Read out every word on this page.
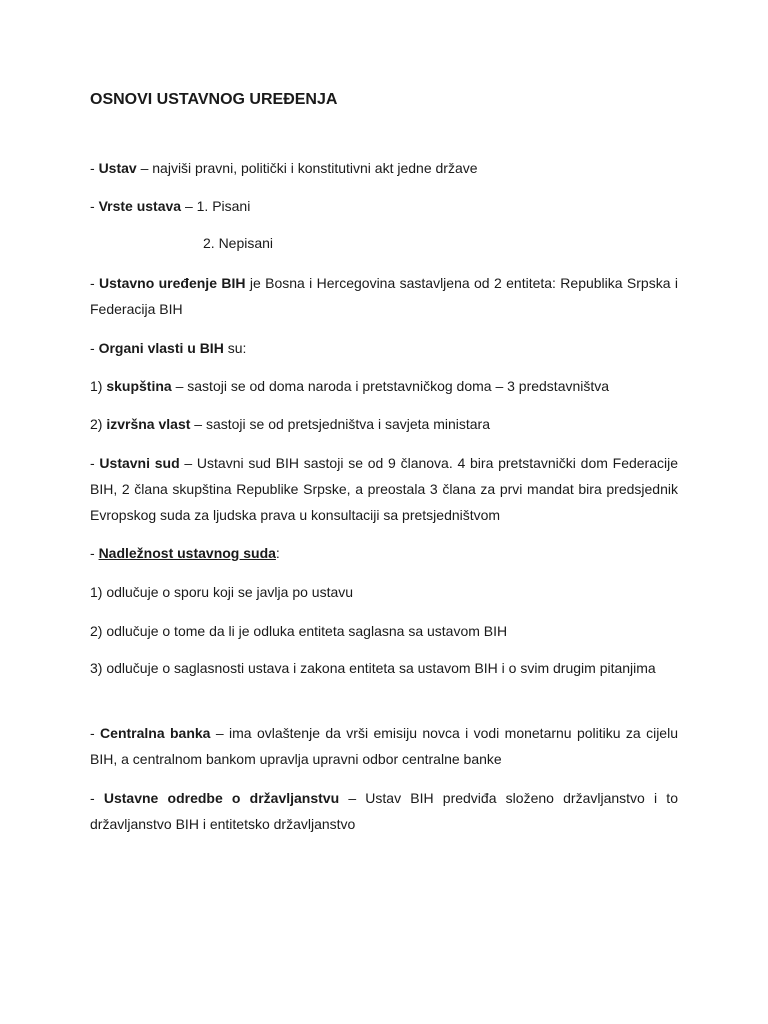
OSNOVI USTAVNOG UREĐENJA

- Ustav – najviši pravni, politički i konstitutivni akt jedne države

- Vrste ustava – 1. Pisani

2. Nepisani

- Ustavno uređenje BIH je Bosna i Hercegovina sastavljena od 2 entiteta: Republika Srpska i Federacija BIH

- Organi vlasti u BIH su:

1) skupština – sastoji se od doma naroda i pretstavničkog doma – 3 predstavništva

2) izvršna vlast – sastoji se od pretsjedništva i savjeta ministara

- Ustavni sud – Ustavni sud BIH sastoji se od 9 članova. 4 bira pretstavnički dom Federacije BIH, 2 člana skupština Republike Srpske, a preostala 3 člana za prvi mandat bira predsjednik Evropskog suda za ljudska prava u konsultaciji sa pretsjedništvom

- Nadležnost ustavnog suda:

1) odlučuje o sporu koji se javlja po ustavu

2) odlučuje o tome da li je odluka entiteta saglasna sa ustavom BIH

3) odlučuje o saglasnosti ustava i zakona entiteta sa ustavom BIH i o svim drugim pitanjima

- Centralna banka – ima ovlaštenje da vrši emisiju novca i vodi monetarnu politiku za cijelu BIH, a centralnom bankom upravlja upravni odbor centralne banke

- Ustavne odredbe o državljanstvu – Ustav BIH predviđa složeno državljanstvo i to državljanstvo BIH i entitetsko državljanstvo
